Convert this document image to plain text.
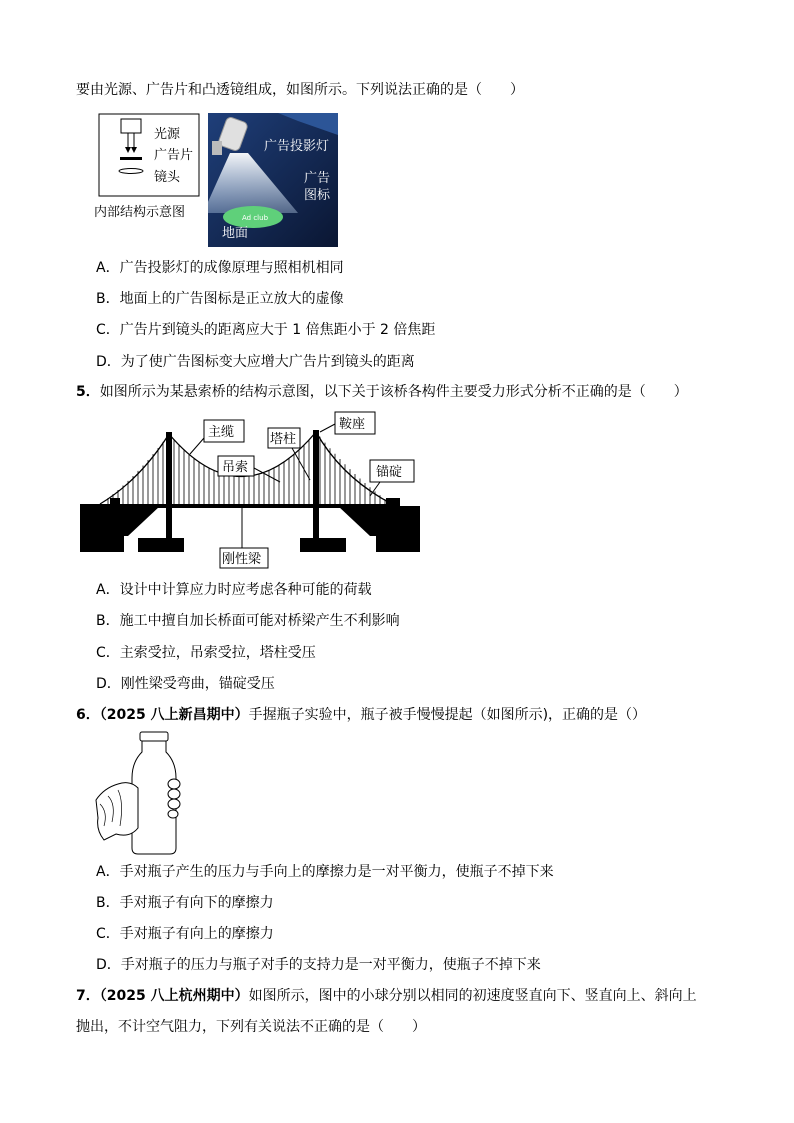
要由光源、广告片和凸透镜组成，如图所示。下列说法正确的是（　　）
光源
广告片
镜头
内部结构示意图	Ad club
广告投影灯
广告
图标
地面
A．广告投影灯的成像原理与照相机相同
B．地面上的广告图标是正立放大的虚像
C．广告片到镜头的距离应大于 1 倍焦距小于 2 倍焦距
D．为了使广告图标变大应增大广告片到镜头的距离
5．如图所示为某悬索桥的结构示意图，以下关于该桥各构件主要受力形式分析不正确的是（　　）
主缆	塔柱
鞍座
吊索	锚碇
刚性梁
A．设计中计算应力时应考虑各种可能的荷载
B．施工中擅自加长桥面可能对桥梁产生不利影响
C．主索受拉，吊索受拉，塔柱受压
D．刚性梁受弯曲，锚碇受压
6．（2025 八上新昌期中）手握瓶子实验中，瓶子被手慢慢提起（如图所示)，正确的是（）
A．手对瓶子产生的压力与手向上的摩擦力是一对平衡力，使瓶子不掉下来
B．手对瓶子有向下的摩擦力
C．手对瓶子有向上的摩擦力
D．手对瓶子的压力与瓶子对手的支持力是一对平衡力，使瓶子不掉下来
7．（2025 八上杭州期中）如图所示，图中的小球分别以相同的初速度竖直向下、竖直向上、斜向上
抛出，不计空气阻力，下列有关说法不正确的是（　　）
